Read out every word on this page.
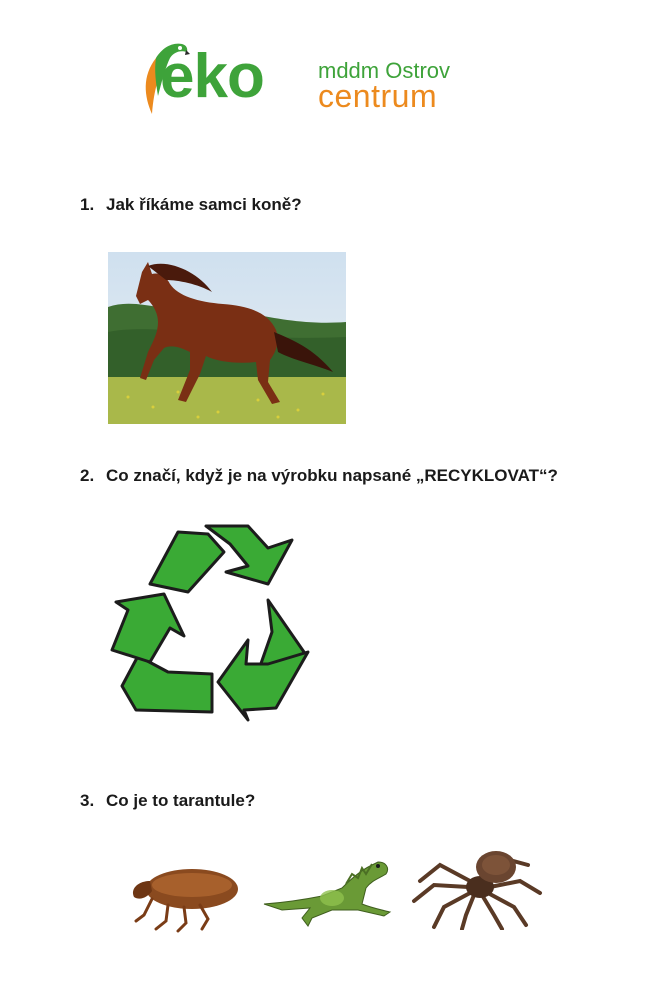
eko mddm Ostrov
centrum
1. Jak říkáme samci koně?
2. Co značí, když je na výrobku napsané „RECYKLOVAT“?
3. Co je to tarantule?
